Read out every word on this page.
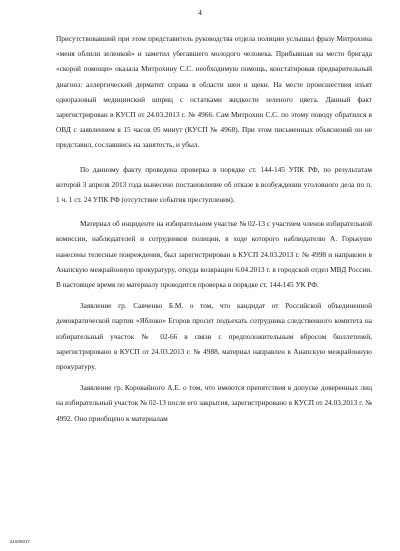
4

Присутствовавший при этом представитель руководства отдела полиции услышал фразу Митрохина «меня облили зеленкой» и заметил убегавшего молодого человека. Прибывшая на место бригада «скорой помощи» оказала Митрохину С.С. необходимую помощь, констатировав предварительный диагноз: аллергический дерматит справа в области шеи и щеки. На месте происшествия изъят одноразовый медицинский шприц с остатками жидкости зеленого цвета. Данный факт зарегистрирован в КУСП от 24.03.2013 г. № 4966. Сам Митрохин С.С. по этому поводу обратился в ОВД с заявлением в 15 часов 05 минут (КУСП № 4968). При этом письменных объяснений он не представил, сославшись на занятость, и убыл.

По данному факту проведена проверка в порядке ст. 144-145 УПК РФ, по результатам которой 3 апреля 2013 года вынесено постановление об отказе в возбуждении уголовного дела по п. 1 ч. 1 ст. 24 УПК РФ (отсутствие события преступления).

Материал об инциденте на избирательном участке № 02-13 с участием членов избирательной комиссии, наблюдателей и сотрудников полиции, в ходе которого наблюдателю А. Горькуше нанесены телесные повреждения, был зарегистрирован в КУСП 24.03.2013 г. № 4998 и направлен в Анапскую межрайонную прокуратуру, откуда возвращен 6.04.2013 г. в городской отдел МВД России. В настоящее время по материалу проводится проверка в порядке ст. 144-145 УК РФ.

Заявление гр. Савченко Б.М. о том, что кандидат от Российской объединенной демократической партии «Яблоко» Егоров просит подъехать сотрудника следственного комитета на избирательный участок № 02-66 в связи с предположительным вбросом бюллетеней, зарегистрировано в КУСП от 24.03.2013 г. № 4988, материал направлен в Анапскую межрайонную прокуратуру.

Заявление гр. Коровайного А.Е. о том, что имеются препятствия в допуске доверенных лиц на избирательный участок № 02-13 после его закрытия, зарегистрировано в КУСП от 24.03.2013 г. № 4992. Оно приобщено к материалам

a1505017
